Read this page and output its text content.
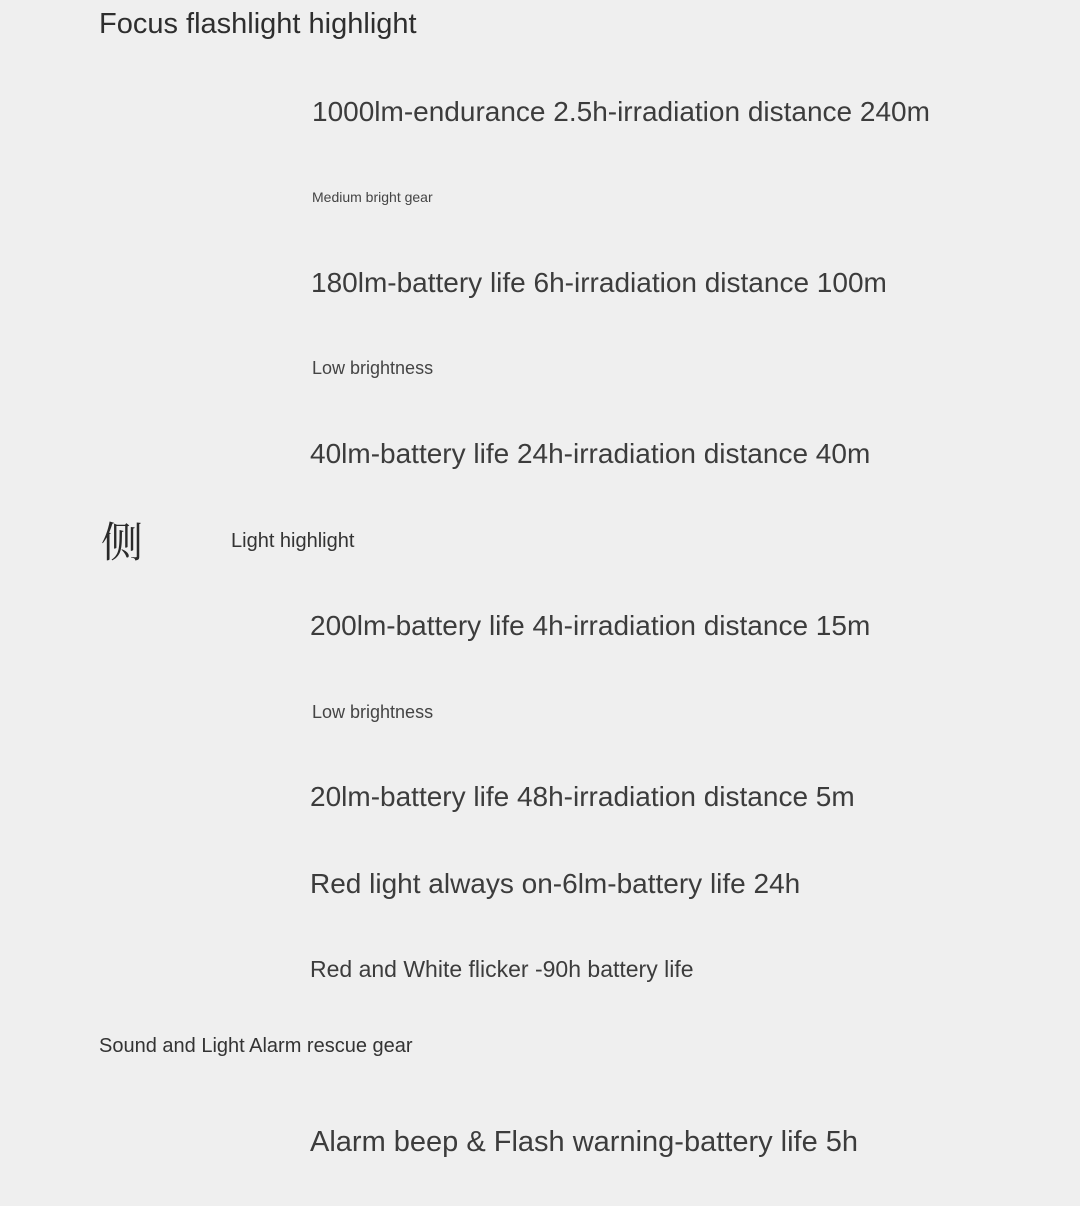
Focus flashlight highlight
1000lm-endurance 2.5h-irradiation distance 240m
Medium bright gear
180lm-battery life 6h-irradiation distance 100m
Low brightness
40lm-battery life 24h-irradiation distance 40m
侧	Light highlight
200lm-battery life 4h-irradiation distance 15m
Low brightness
20lm-battery life 48h-irradiation distance 5m
Red light always on-6lm-battery life 24h
Red and White flicker -90h battery life
Sound and Light Alarm rescue gear
Alarm beep & Flash warning-battery life 5h
